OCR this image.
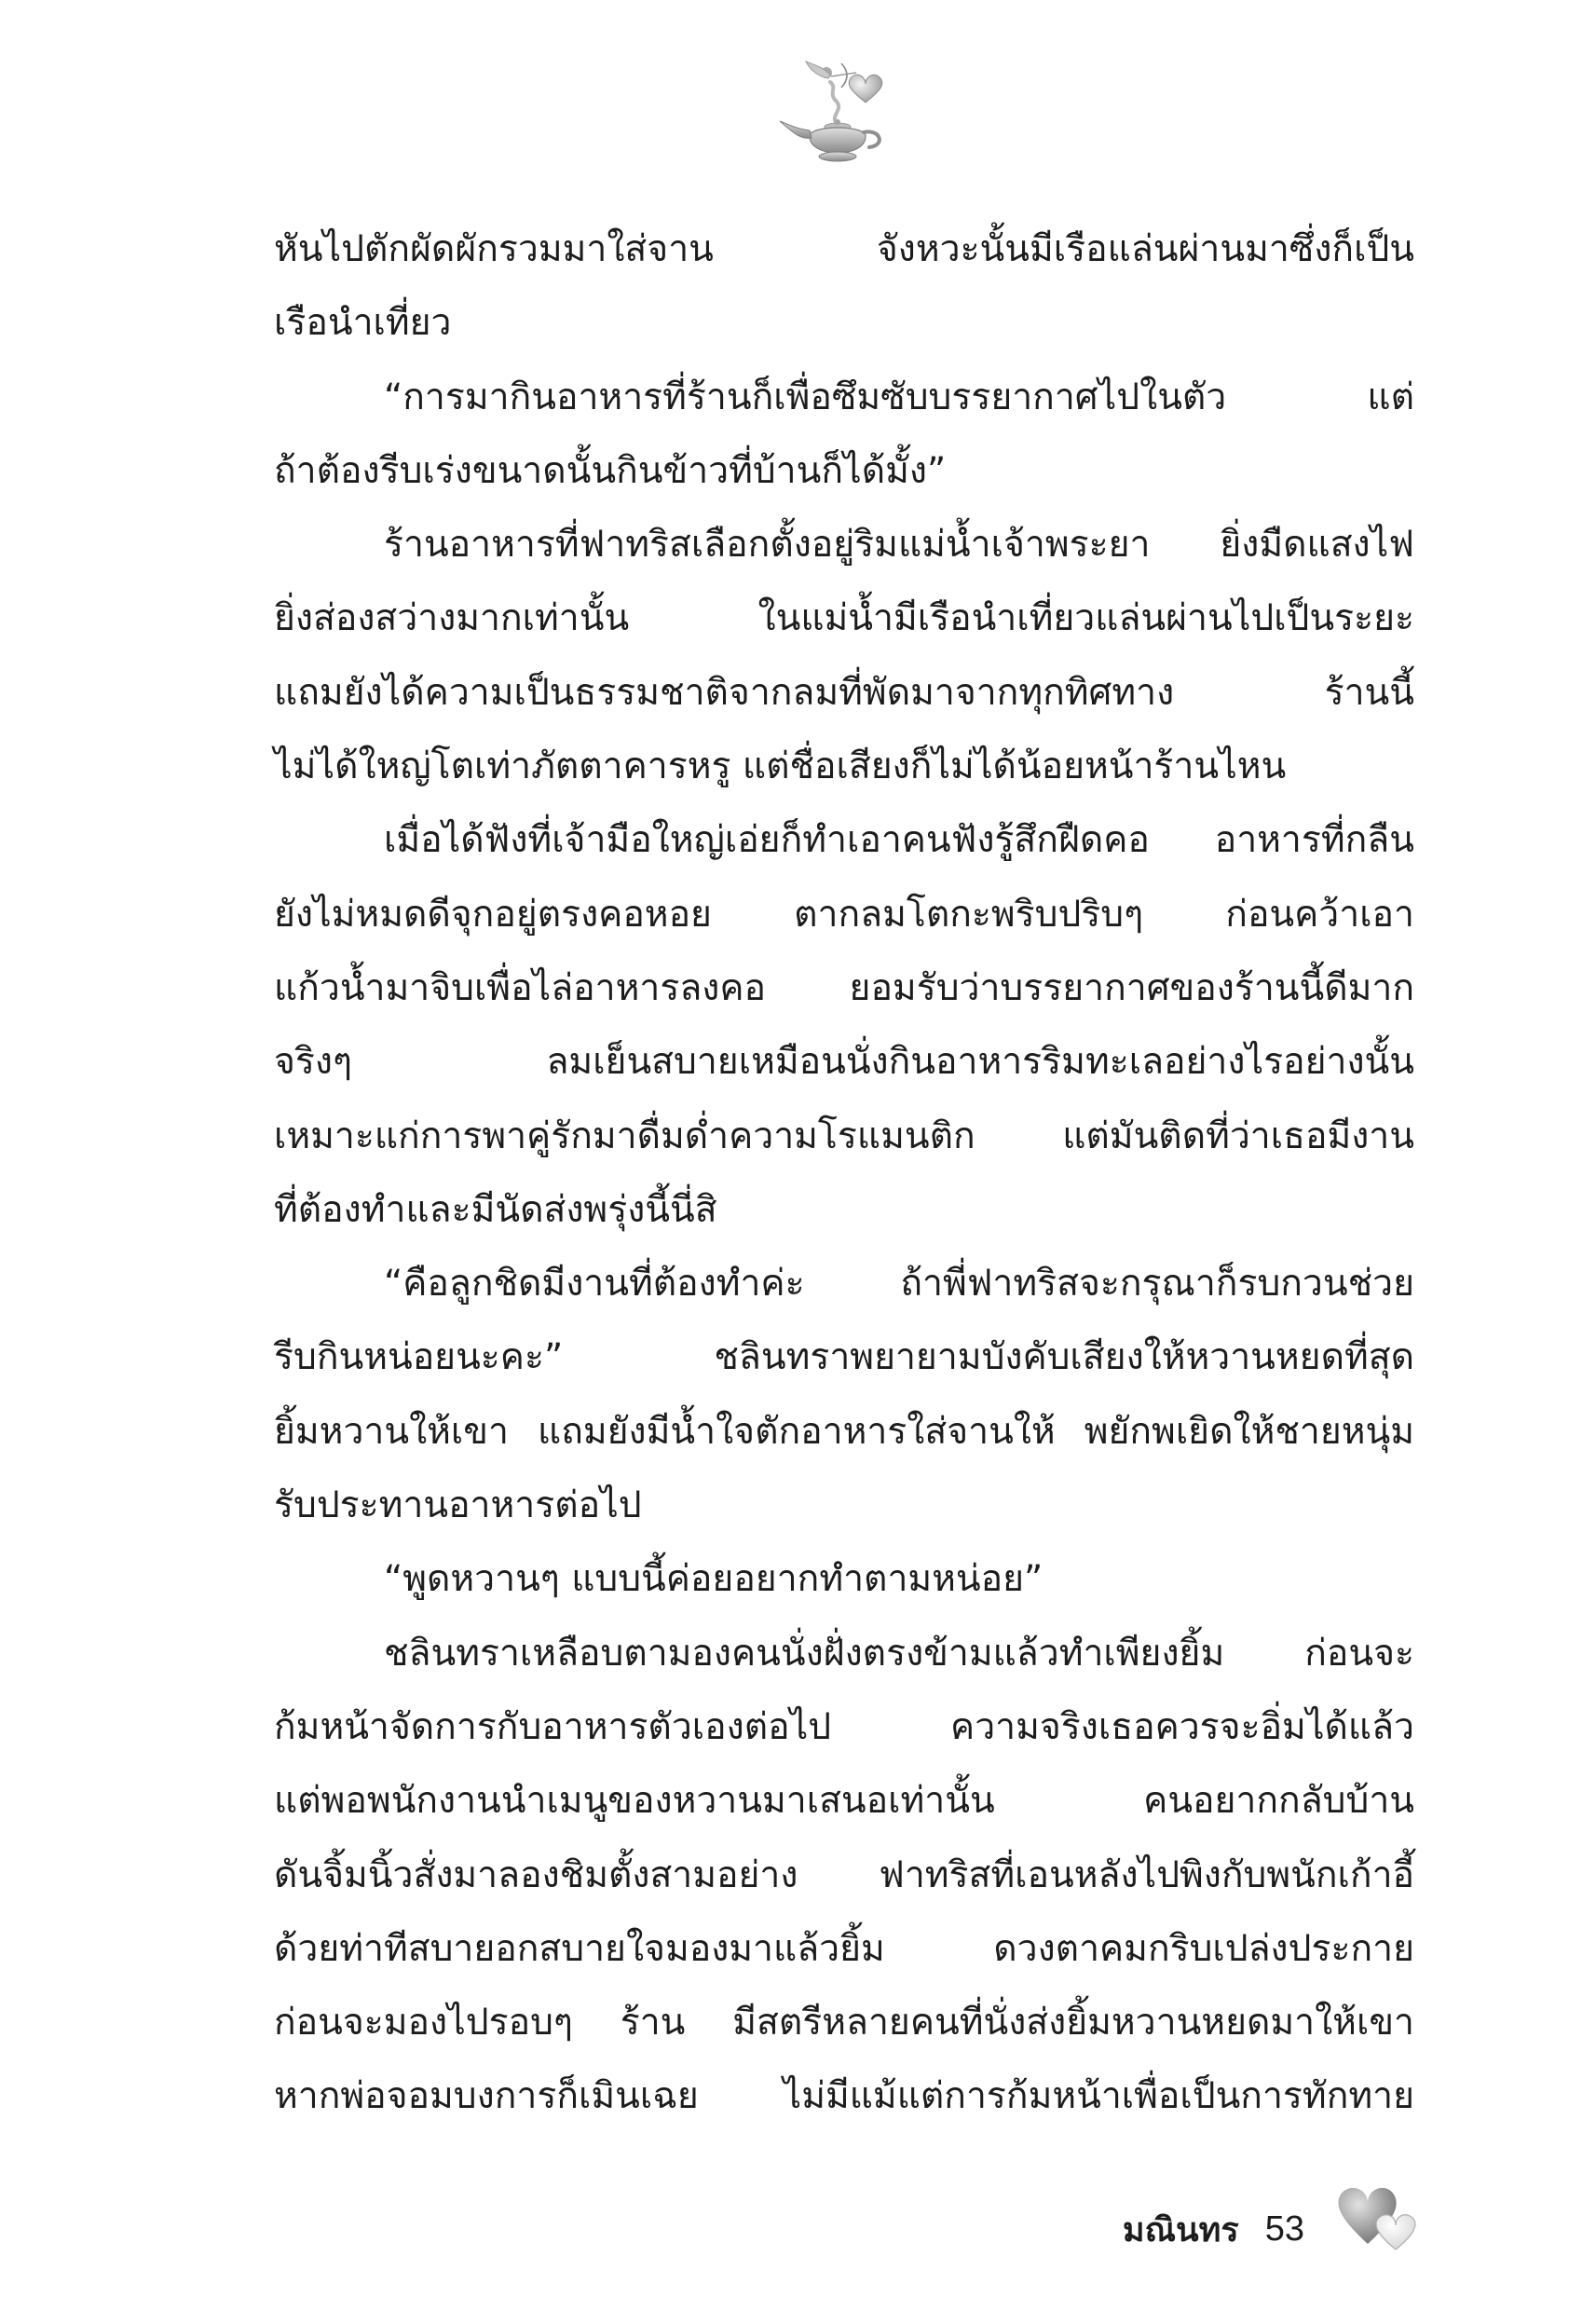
หันไปตักผัดผักรวมมาใส่จาน จังหวะนั้นมีเรือแล่นผ่านมาซึ่งก็เป็น
เรือนำเที่ยว
“การมากินอาหารที่ร้านก็เพื่อซึมซับบรรยากาศไปในตัว แต่
ถ้าต้องรีบเร่งขนาดนั้นกินข้าวที่บ้านก็ได้มั้ง”
ร้านอาหารที่ฟาทริสเลือกตั้งอยู่ริมแม่น้ำเจ้าพระยา ยิ่งมืดแสงไฟ
ยิ่งส่องสว่างมากเท่านั้น ในแม่น้ำมีเรือนำเที่ยวแล่นผ่านไปเป็นระยะ
แถมยังได้ความเป็นธรรมชาติจากลมที่พัดมาจากทุกทิศทาง ร้านนี้
ไม่ได้ใหญ่โตเท่าภัตตาคารหรู แต่ชื่อเสียงก็ไม่ได้น้อยหน้าร้านไหน
เมื่อได้ฟังที่เจ้ามือใหญ่เอ่ยก็ทำเอาคนฟังรู้สึกฝืดคอ อาหารที่กลืน
ยังไม่หมดดีจุกอยู่ตรงคอหอย ตากลมโตกะพริบปริบๆ ก่อนคว้าเอา
แก้วน้ำมาจิบเพื่อไล่อาหารลงคอ ยอมรับว่าบรรยากาศของร้านนี้ดีมาก
จริงๆ ลมเย็นสบายเหมือนนั่งกินอาหารริมทะเลอย่างไรอย่างนั้น
เหมาะแก่การพาคู่รักมาดื่มด่ำความโรแมนติก แต่มันติดที่ว่าเธอมีงาน
ที่ต้องทำและมีนัดส่งพรุ่งนี้นี่สิ
“คือลูกชิดมีงานที่ต้องทำค่ะ ถ้าพี่ฟาทริสจะกรุณาก็รบกวนช่วย
รีบกินหน่อยนะคะ” ชลินทราพยายามบังคับเสียงให้หวานหยดที่สุด
ยิ้มหวานให้เขา แถมยังมีน้ำใจตักอาหารใส่จานให้ พยักพเยิดให้ชายหนุ่ม
รับประทานอาหารต่อไป
“พูดหวานๆ แบบนี้ค่อยอยากทำตามหน่อย”
ชลินทราเหลือบตามองคนนั่งฝั่งตรงข้ามแล้วทำเพียงยิ้ม ก่อนจะ
ก้มหน้าจัดการกับอาหารตัวเองต่อไป ความจริงเธอควรจะอิ่มได้แล้ว
แต่พอพนักงานนำเมนูของหวานมาเสนอเท่านั้น คนอยากกลับบ้าน
ดันจิ้มนิ้วสั่งมาลองชิมตั้งสามอย่าง ฟาทริสที่เอนหลังไปพิงกับพนักเก้าอี้
ด้วยท่าทีสบายอกสบายใจมองมาแล้วยิ้ม ดวงตาคมกริบเปล่งประกาย
ก่อนจะมองไปรอบๆ ร้าน มีสตรีหลายคนที่นั่งส่งยิ้มหวานหยดมาให้เขา
หากพ่อจอมบงการก็เมินเฉย ไม่มีแม้แต่การก้มหน้าเพื่อเป็นการทักทาย
มณินทร 53
